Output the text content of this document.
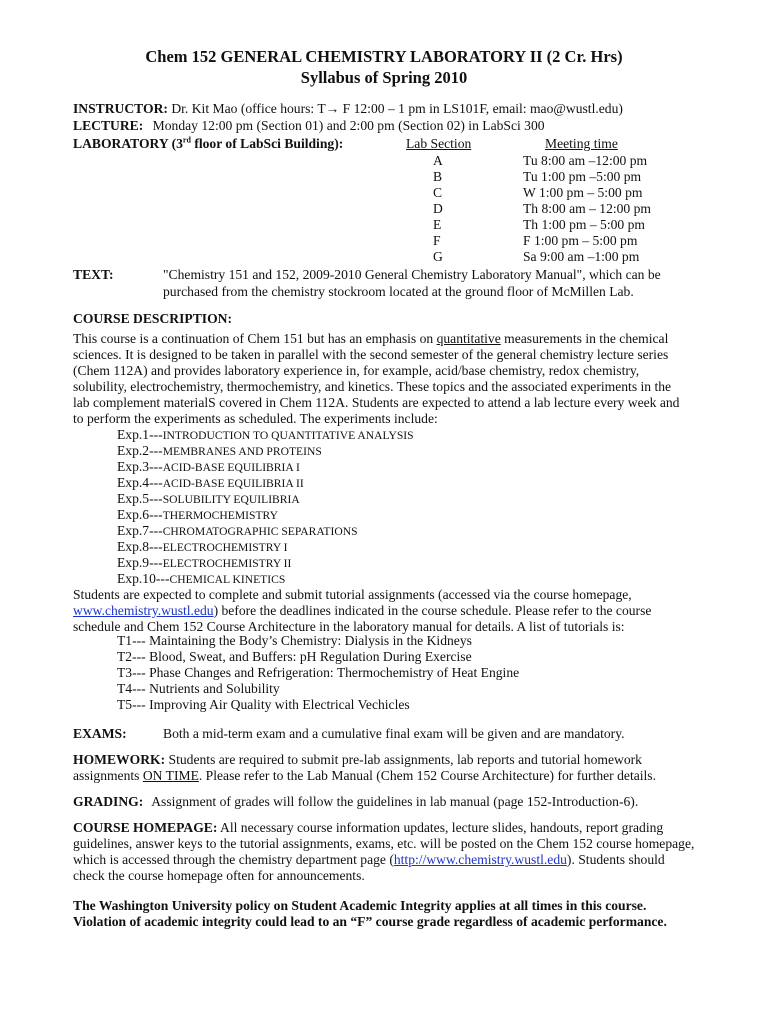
Chem 152 GENERAL CHEMISTRY LABORATORY II (2 Cr. Hrs)
Syllabus of Spring 2010
INSTRUCTOR: Dr. Kit Mao (office hours: T→ F 12:00 – 1 pm in LS101F, email: mao@wustl.edu)
LECTURE: Monday 12:00 pm (Section 01) and 2:00 pm (Section 02) in LabSci 300
LABORATORY (3rd floor of LabSci Building):	Lab Section	Meeting time
A	Tu 8:00 am –12:00 pm
B	Tu 1:00 pm –5:00 pm
C	W 1:00 pm – 5:00 pm
D	Th 8:00 am – 12:00 pm
E	Th 1:00 pm – 5:00 pm
F	F 1:00 pm – 5:00 pm
G	Sa 9:00 am –1:00 pm
TEXT:	"Chemistry 151 and 152, 2009-2010 General Chemistry Laboratory Manual", which can be
purchased from the chemistry stockroom located at the ground floor of McMillen Lab.
COURSE DESCRIPTION:
This course is a continuation of Chem 151 but has an emphasis on quantitative measurements in the chemical
sciences. It is designed to be taken in parallel with the second semester of the general chemistry lecture series
(Chem 112A) and provides laboratory experience in, for example, acid/base chemistry, redox chemistry,
solubility, electrochemistry, thermochemistry, and kinetics. These topics and the associated experiments in the
lab complement materialS covered in Chem 112A. Students are expected to attend a lab lecture every week and
to perform the experiments as scheduled. The experiments include:
Exp.1---INTRODUCTION TO QUANTITATIVE ANALYSIS
Exp.2---MEMBRANES AND PROTEINS
Exp.3---ACID-BASE EQUILIBRIA I
Exp.4---ACID-BASE EQUILIBRIA II
Exp.5---SOLUBILITY EQUILIBRIA
Exp.6---THERMOCHEMISTRY
Exp.7---CHROMATOGRAPHIC SEPARATIONS
Exp.8---ELECTROCHEMISTRY I
Exp.9---ELECTROCHEMISTRY II
Exp.10---CHEMICAL KINETICS
Students are expected to complete and submit tutorial assignments (accessed via the course homepage,
www.chemistry.wustl.edu) before the deadlines indicated in the course schedule. Please refer to the course
schedule and Chem 152 Course Architecture in the laboratory manual for details. A list of tutorials is:
T1--- Maintaining the Body’s Chemistry: Dialysis in the Kidneys
T2--- Blood, Sweat, and Buffers: pH Regulation During Exercise
T3--- Phase Changes and Refrigeration: Thermochemistry of Heat Engine
T4--- Nutrients and Solubility
T5--- Improving Air Quality with Electrical Vechicles
EXAMS:	Both a mid-term exam and a cumulative final exam will be given and are mandatory.
HOMEWORK: Students are required to submit pre-lab assignments, lab reports and tutorial homework
assignments ON TIME. Please refer to the Lab Manual (Chem 152 Course Architecture) for further details.
GRADING: Assignment of grades will follow the guidelines in lab manual (page 152-Introduction-6).
COURSE HOMEPAGE: All necessary course information updates, lecture slides, handouts, report grading
guidelines, answer keys to the tutorial assignments, exams, etc. will be posted on the Chem 152 course homepage,
which is accessed through the chemistry department page (http://www.chemistry.wustl.edu). Students should
check the course homepage often for announcements.
The Washington University policy on Student Academic Integrity applies at all times in this course.
Violation of academic integrity could lead to an “F” course grade regardless of academic performance.
